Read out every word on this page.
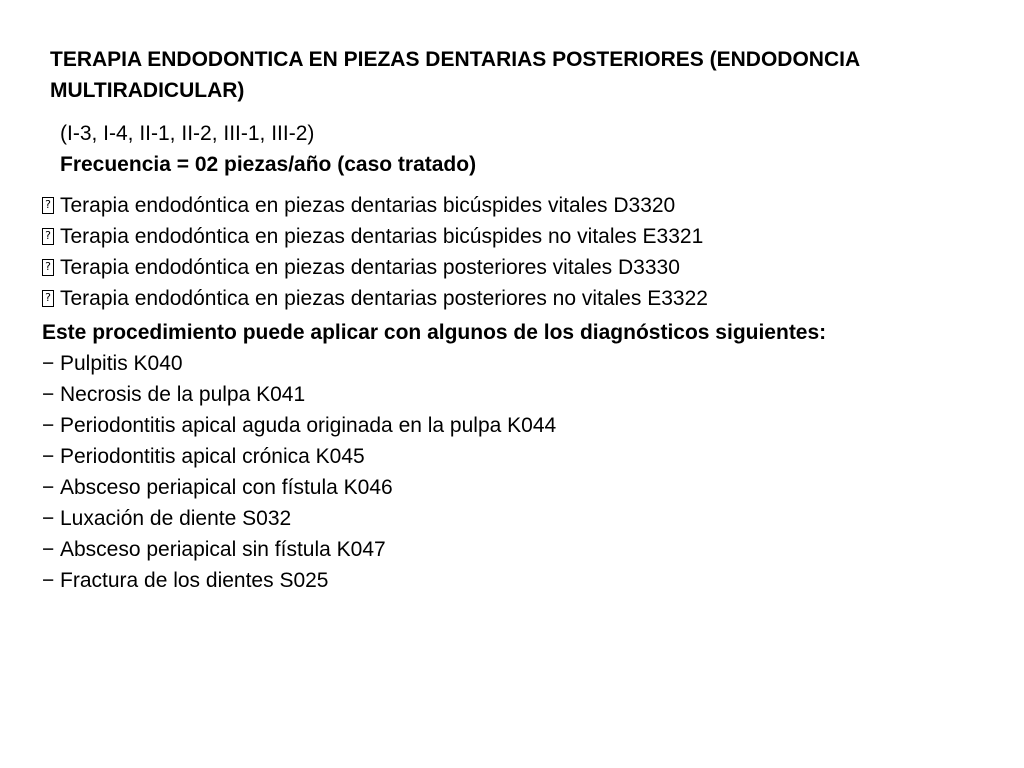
TERAPIA ENDODONTICA EN PIEZAS DENTARIAS POSTERIORES (ENDODONCIA MULTIRADICULAR)
(I-3, I-4, II-1, II-2, III-1, III-2)
Frecuencia = 02 piezas/año (caso tratado)
?
Terapia endodóntica en piezas dentarias bicúspides vitales D3320
?
Terapia endodóntica en piezas dentarias bicúspides no vitales E3321
?
Terapia endodóntica en piezas dentarias posteriores vitales D3330
?
Terapia endodóntica en piezas dentarias posteriores no vitales E3322
Este procedimiento puede aplicar con algunos de los diagnósticos siguientes:
− Pulpitis K040
− Necrosis de la pulpa K041
− Periodontitis apical aguda originada en la pulpa K044
− Periodontitis apical crónica K045
− Absceso periapical con fístula K046
− Luxación de diente S032
− Absceso periapical sin fístula K047
− Fractura de los dientes S025
